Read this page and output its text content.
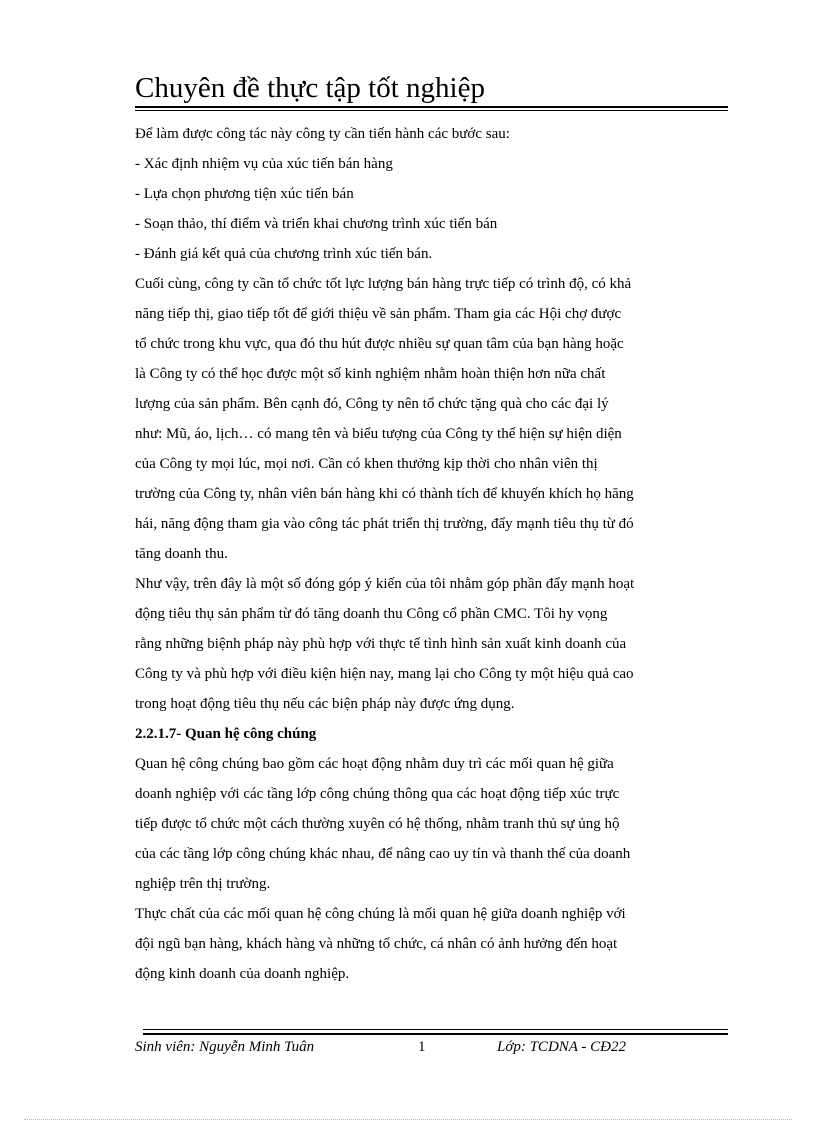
Chuyên đề thực tập tốt nghiệp
Để làm được công tác này công ty cần tiến hành các bước sau:
- Xác định nhiệm vụ của xúc tiến bán hàng
- Lựa chọn phương tiện xúc tiến bán
- Soạn thảo, thí điểm và triển khai chương trình xúc tiến bán
- Đánh giá kết quả của chương trình xúc tiến bán.
Cuối cùng, công ty cần tổ chức tốt lực lượng bán hàng trực tiếp có trình độ, có khả
năng tiếp thị, giao tiếp tốt để giới thiệu về sản phẩm. Tham gia các Hội chợ được
tổ chức trong khu vực, qua đó thu hút được nhiều sự quan tâm của bạn hàng hoặc
là Công ty có thể học được một số kinh nghiệm nhằm hoàn thiện hơn nữa chất
lượng của sản phẩm. Bên cạnh đó, Công ty nên tổ chức tặng quà cho các đại lý
như: Mũ, áo, lịch… có mang tên và biểu tượng của Công ty thể hiện sự hiện diện
của Công ty mọi lúc, mọi nơi. Cần có khen thưởng kịp thời cho nhân viên thị
trường của Công ty, nhân viên bán hàng khi có thành tích để khuyến khích họ hăng
hái, năng động tham gia vào công tác phát triển thị trường, đẩy mạnh tiêu thụ từ đó
tăng doanh thu.
Như vậy, trên đây là một số đóng góp ý kiến của tôi nhằm góp phần đẩy mạnh hoạt
động tiêu thụ sản phẩm từ đó tăng doanh thu Công cổ phần CMC. Tôi hy vọng
rằng những biệnh pháp này phù hợp với thực tế tình hình sản xuất kinh doanh của
Công ty và phù hợp với điều kiện hiện nay, mang lại cho Công ty một hiệu quả cao
trong hoạt động tiêu thụ nếu các biện pháp này được ứng dụng.
2.2.1.7- Quan hệ công chúng
Quan hệ công chúng bao gồm các hoạt động nhằm duy trì các mối quan hệ giữa
doanh nghiệp với các tầng lớp công chúng thông qua các hoạt động tiếp xúc trực
tiếp được tổ chức một cách thường xuyên có hệ thống, nhằm tranh thủ sự ủng hộ
của các tầng lớp công chúng khác nhau, để nâng cao uy tín và thanh thế của doanh
nghiệp trên thị trường.
Thực chất của các mối quan hệ công chúng là mối quan hệ giữa doanh nghiệp với
đội ngũ bạn hàng, khách hàng và những tổ chức, cá nhân có ảnh hưởng đến hoạt
động kinh doanh của doanh nghiệp.
Sinh viên: Nguyễn Minh Tuân	1	Lớp: TCDNA - CĐ22
